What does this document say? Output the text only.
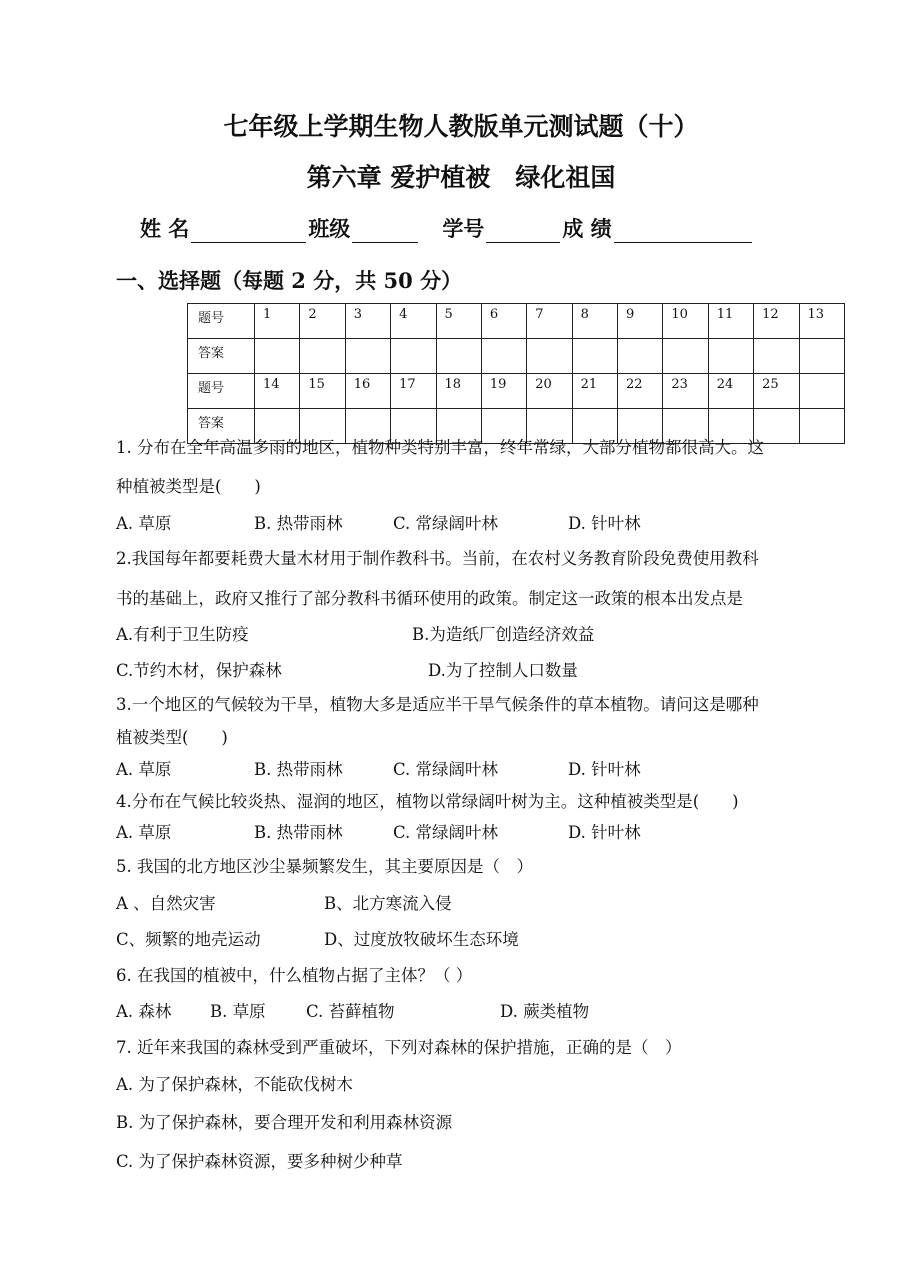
七年级上学期生物人教版单元测试题（十）
第六章 爱护植被　绿化祖国
姓 名	班级	学号	成 绩
一、选择题（每题 2 分，共 50 分）
题号	1	2	3	4	5	6	7	8	9	10	11	12	13
答案													
题号	14	15	16	17	18	19	20	21	22	23	24	25	
答案													
1. 分布在全年高温多雨的地区，植物种类特别丰富，终年常绿，大部分植物都很高大。这
种植被类型是(　　)
A. 草原	B. 热带雨林	C. 常绿阔叶林	D. 针叶林
2.我国每年都要耗费大量木材用于制作教科书。当前，在农村义务教育阶段免费使用教科
书的基础上，政府又推行了部分教科书循环使用的政策。制定这一政策的根本出发点是
A.有利于卫生防疫	B.为造纸厂创造经济效益
C.节约木材，保护森林	D.为了控制人口数量
3.一个地区的气候较为干旱，植物大多是适应半干旱气候条件的草本植物。请问这是哪种
植被类型(　　)
A. 草原	B. 热带雨林	C. 常绿阔叶林	D. 针叶林
4.分布在气候比较炎热、湿润的地区，植物以常绿阔叶树为主。这种植被类型是(　　)
A. 草原	B. 热带雨林	C. 常绿阔叶林	D. 针叶林
5. 我国的北方地区沙尘暴频繁发生，其主要原因是（　）
A 、自然灾害	B、北方寒流入侵
C、频繁的地壳运动	D、过度放牧破坏生态环境
6. 在我国的植被中，什么植物占据了主体？（ ）
A. 森林 B. 草原 C. 苔藓植物	D. 蕨类植物
7. 近年来我国的森林受到严重破坏，下列对森林的保护措施，正确的是（　）
A. 为了保护森林，不能砍伐树木
B. 为了保护森林，要合理开发和利用森林资源
C. 为了保护森林资源，要多种树少种草
